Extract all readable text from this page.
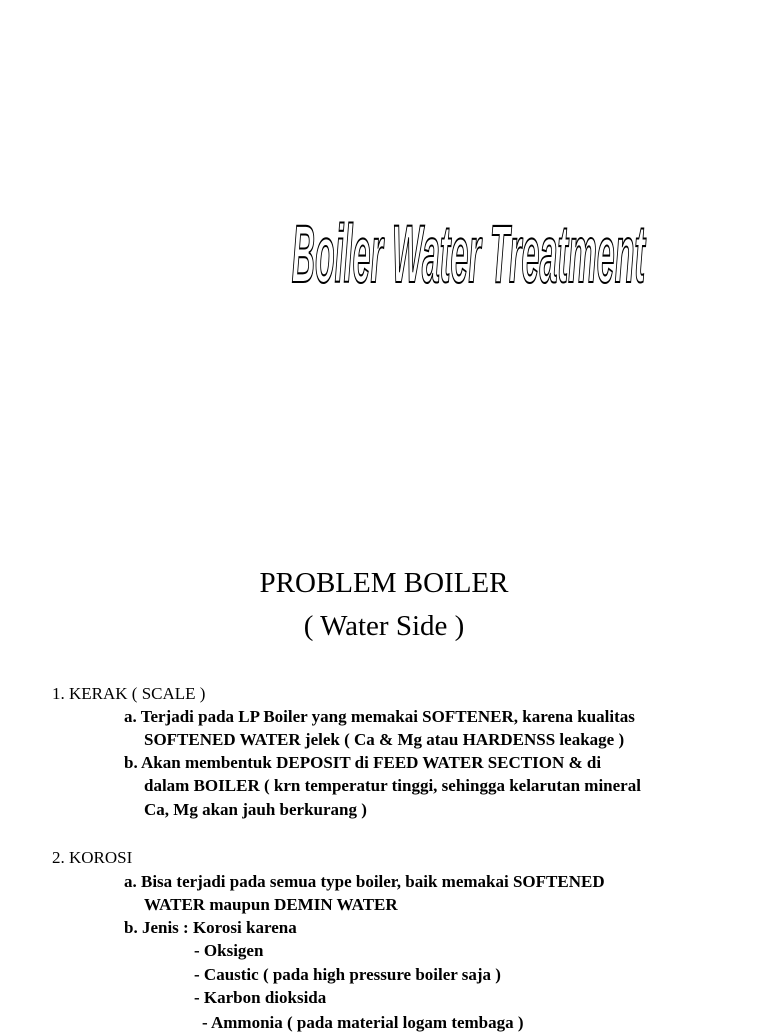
Boiler Water Treatment
PROBLEM BOILER
( Water Side )
1. KERAK ( SCALE )
a. Terjadi pada LP Boiler yang memakai SOFTENER, karena kualitas
SOFTENED WATER jelek ( Ca & Mg atau HARDENSS leakage )
b. Akan membentuk DEPOSIT di FEED WATER SECTION & di
dalam BOILER ( krn temperatur tinggi, sehingga kelarutan mineral
Ca, Mg akan jauh berkurang )
2. KOROSI
a. Bisa terjadi pada semua type boiler, baik memakai SOFTENED
WATER maupun DEMIN WATER
b. Jenis : Korosi karena
- Oksigen
- Caustic ( pada high pressure boiler saja )
- Karbon dioksida
- Ammonia ( pada material logam tembaga )
